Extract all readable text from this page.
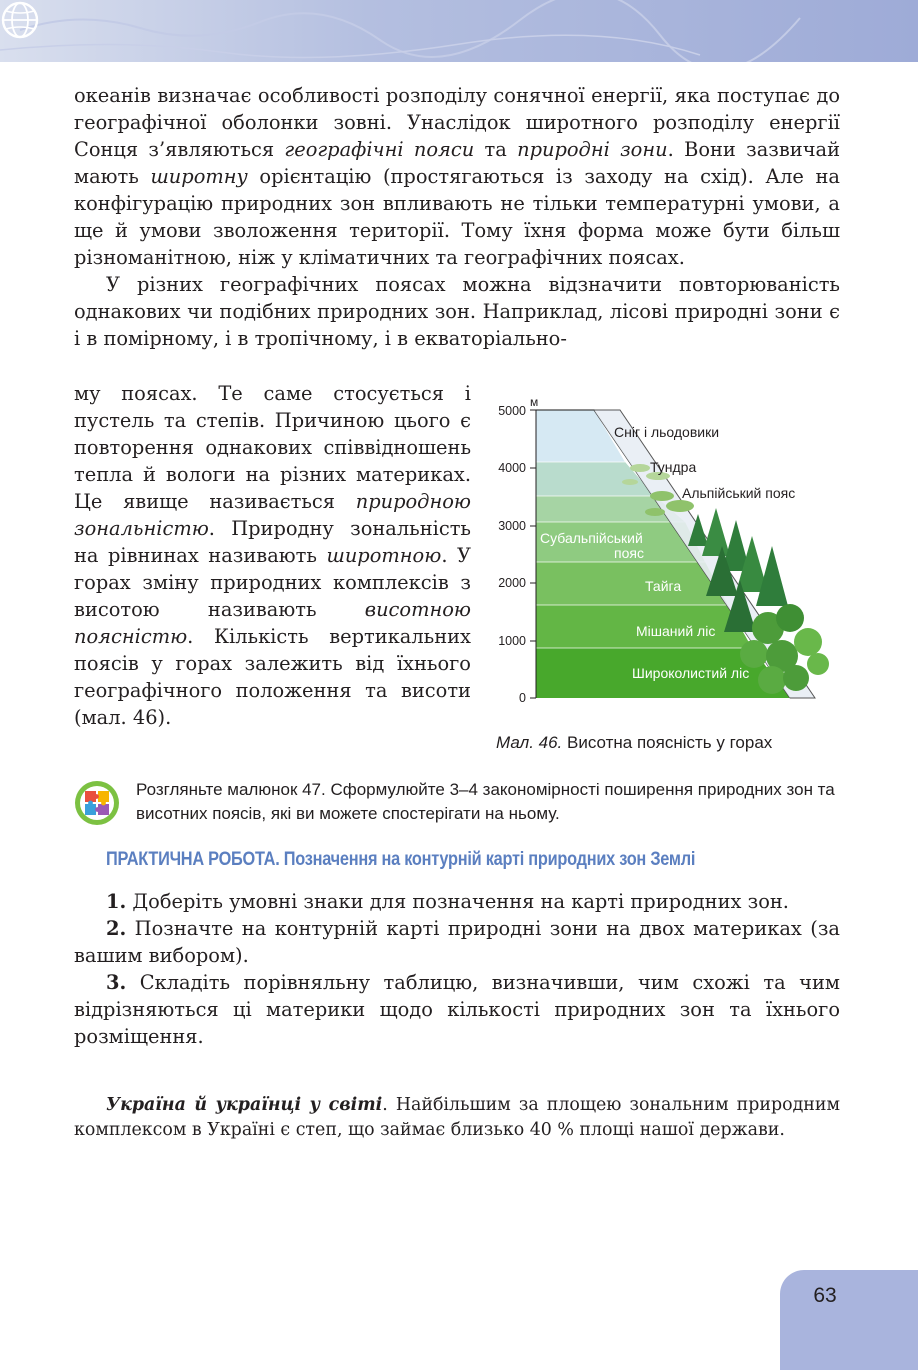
океанів визначає особливості розподілу сонячної енергії, яка поступає до географічної оболонки зовні. Унаслідок широтного розподілу енергії Сонця з’являються географічні пояси та природні зони. Вони зазвичай мають широтну орієнтацію (простягаються із заходу на схід). Але на конфігурацію природних зон впливають не тільки температурні умови, а ще й умови зволоження території. Тому їхня форма може бути більш різноманітною, ніж у кліматичних та географічних поясах.

У різних географічних поясах можна відзначити повторюваність однакових чи подібних природних зон. Наприклад, лісові природні зони є і в помірному, і в тропічному, і в екваторіально-

му поясах. Те саме стосується і пустель та степів. Причиною цього є повторення однакових співвідношень тепла й вологи на різних материках. Це явище називається природною зональністю. Природну зональність на рівнинах називають широтною. У горах зміну природних комплексів з висотою називають висотною поясністю. Кількість вертикальних поясів у горах залежить від їхнього географічного положення та висоти (мал. 46).
м
5000
4000
3000
2000
1000
0
Сніг і льодовики
Тундра
Альпійський пояс
Субальпійський
пояс
Тайга
Мішаний ліс
Широколистий ліс
Мал. 46. Висотна поясність у горах
Розгляньте малюнок 47. Сформулюйте 3–4 закономірності поширення природних зон та висотних поясів, які ви можете спостерігати на ньому.
ПРАКТИЧНА РОБОТА. Позначення на контурній карті природних зон Землі

1. Доберіть умовні знаки для позначення на карті природних зон.

2. Позначте на контурній карті природні зони на двох материках (за вашим вибором).

3. Складіть порівняльну таблицю, визначивши, чим схожі та чим відрізняються ці материки щодо кількості природних зон та їхнього розміщення.

Україна й українці у світі. Найбільшим за площею зональним природним комплексом в Україні є степ, що займає близько 40 % площі нашої держави.

63
